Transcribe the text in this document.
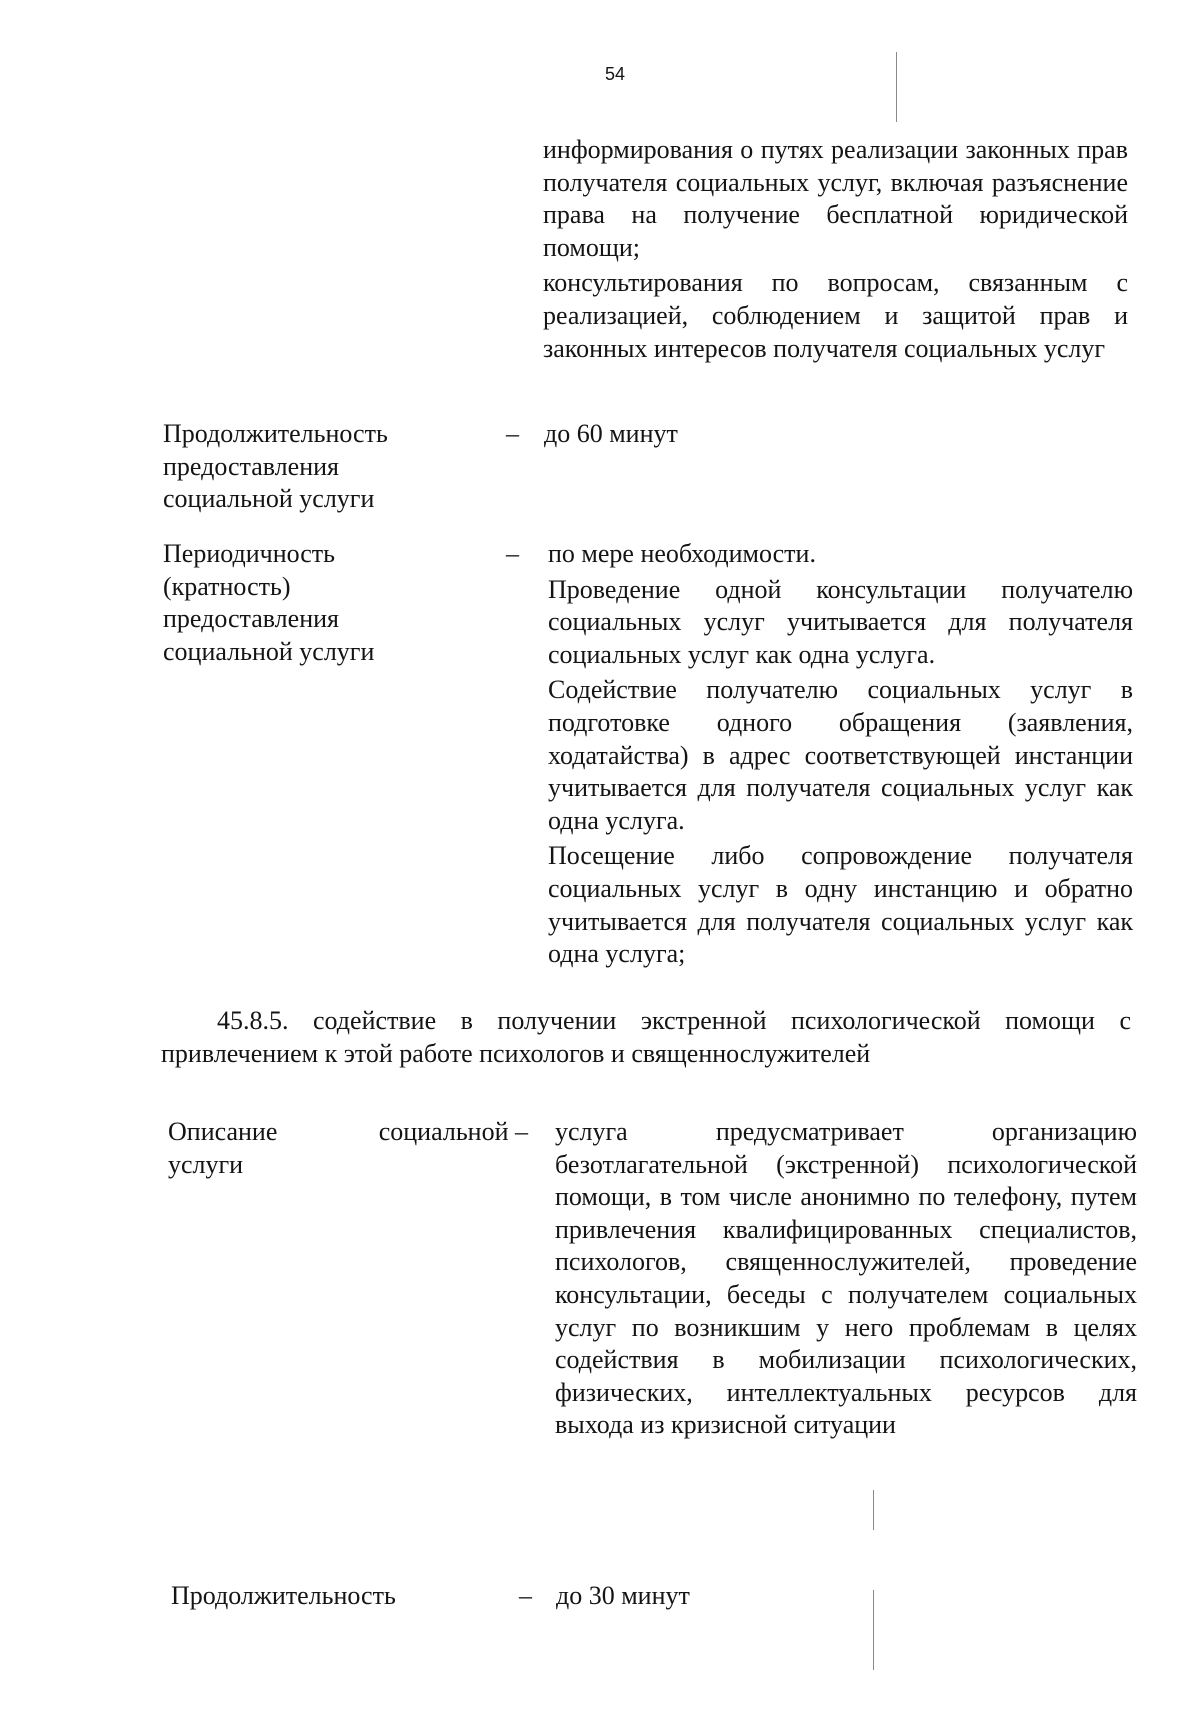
54

информирования о путях реализации законных прав получателя социальных услуг, включая разъяснение права на получение бесплатной юридической помощи;

консультирования по вопросам, связанным с реализацией, соблюдением и защитой прав и законных интересов получателя социальных услуг

Продолжительность предоставления социальной услуги
– до 60 минут

Периодичность (кратность) предоставления социальной услуги
– по мере необходимости.

Проведение одной консультации получателю социальных услуг учитывается для получателя социальных услуг как одна услуга.

Содействие получателю социальных услуг в подготовке одного обращения (заявления, ходатайства) в адрес соответствующей инстанции учитывается для получателя социальных услуг как одна услуга.

Посещение либо сопровождение получателя социальных услуг в одну инстанцию и обратно учитывается для получателя социальных услуг как одна услуга;

45.8.5. содействие в получении экстренной психологической помощи с привлечением к этой работе психологов и священнослужителей

Описание	социальной –
услуги

услуга предусматривает организацию безотлагательной (экстренной) психологической помощи, в том числе анонимно по телефону, путем привлечения квалифицированных специалистов, психологов, священнослужителей, проведение консультации, беседы с получателем социальных услуг по возникшим у него проблемам в целях содействия в мобилизации психологических, физических, интеллектуальных ресурсов для выхода из кризисной ситуации

Продолжительность	– до 30 минут
